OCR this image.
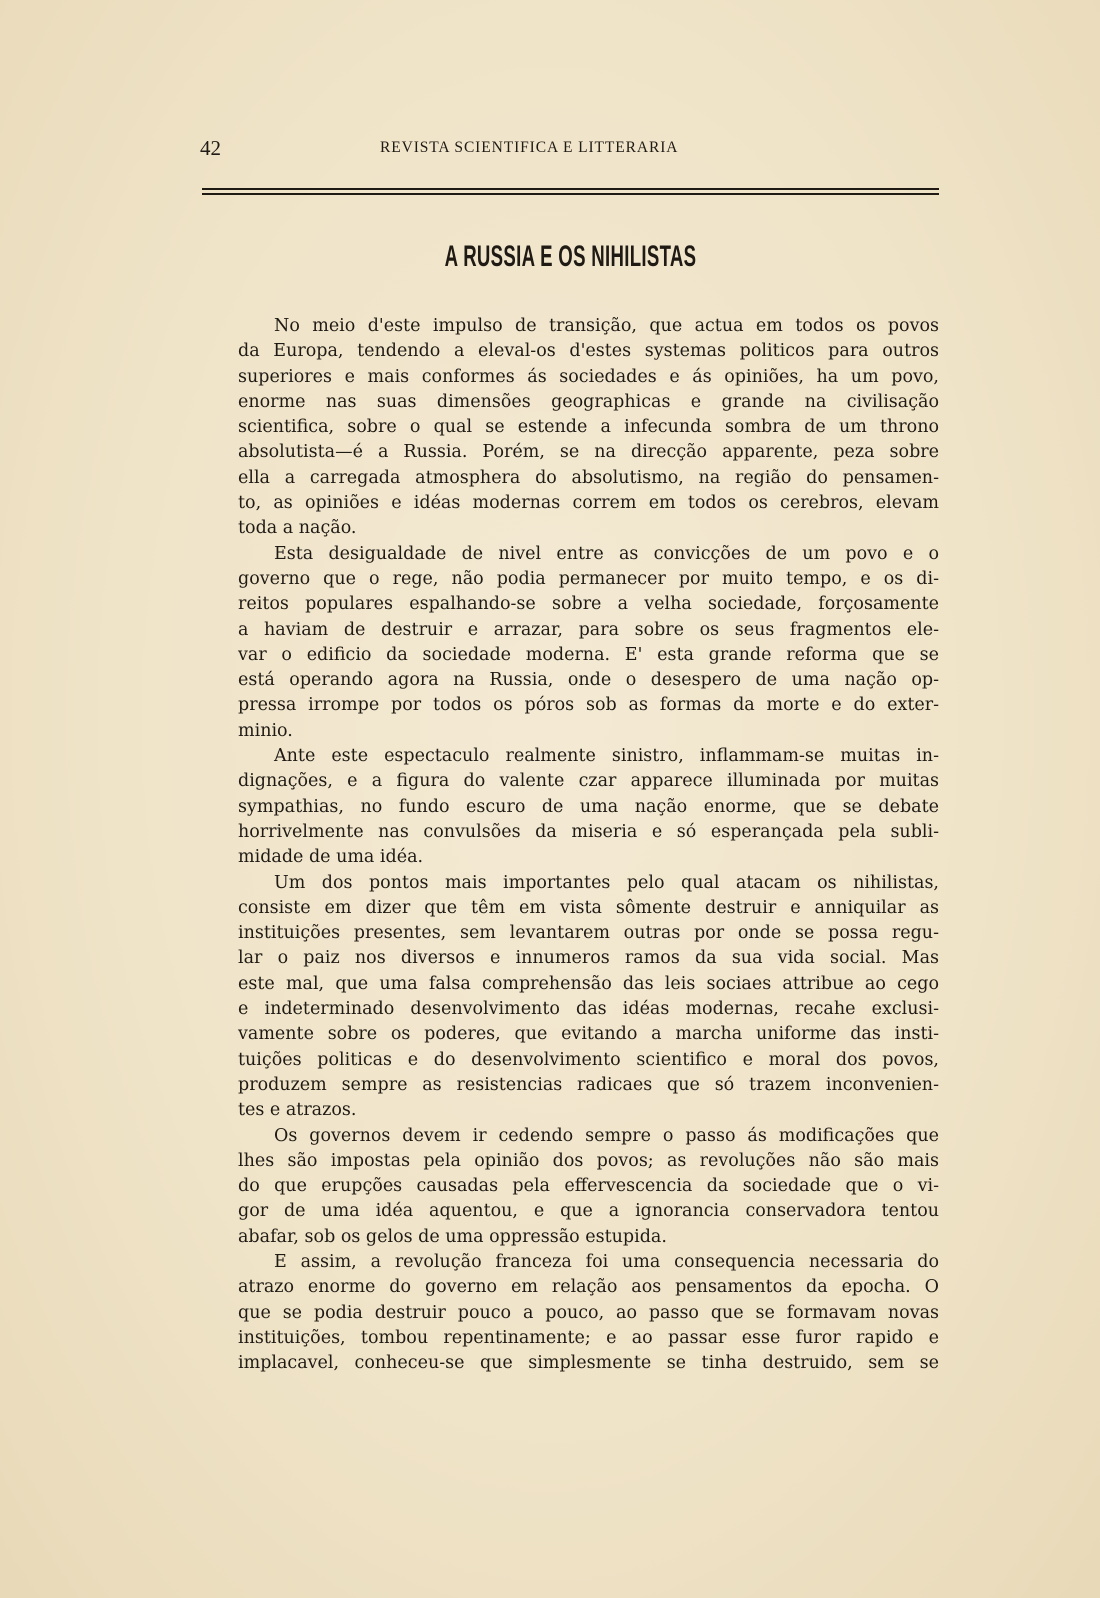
42	REVISTA SCIENTIFICA E LITTERARIA
A RUSSIA E OS NIHILISTAS
No meio d'este impulso de transição, que actua em todos os povos
da Europa, tendendo a eleval-os d'estes systemas politicos para outros
superiores e mais conformes ás sociedades e ás opiniões, ha um povo,
enorme nas suas dimensões geographicas e grande na civilisação
scientifica, sobre o qual se estende a infecunda sombra de um throno
absolutista—é a Russia. Porém, se na direcção apparente, peza sobre
ella a carregada atmosphera do absolutismo, na região do pensamen-
to, as opiniões e idéas modernas correm em todos os cerebros, elevam
toda a nação.
Esta desigualdade de nivel entre as convicções de um povo e o
governo que o rege, não podia permanecer por muito tempo, e os di-
reitos populares espalhando-se sobre a velha sociedade, forçosamente
a haviam de destruir e arrazar, para sobre os seus fragmentos ele-
var o edificio da sociedade moderna. E' esta grande reforma que se
está operando agora na Russia, onde o desespero de uma nação op-
pressa irrompe por todos os póros sob as formas da morte e do exter-
minio.
Ante este espectaculo realmente sinistro, inflammam-se muitas in-
dignações, e a figura do valente czar apparece illuminada por muitas
sympathias, no fundo escuro de uma nação enorme, que se debate
horrivelmente nas convulsões da miseria e só esperançada pela subli-
midade de uma idéa.
Um dos pontos mais importantes pelo qual atacam os nihilistas,
consiste em dizer que têm em vista sômente destruir e anniquilar as
instituições presentes, sem levantarem outras por onde se possa regu-
lar o paiz nos diversos e innumeros ramos da sua vida social. Mas
este mal, que uma falsa comprehensão das leis sociaes attribue ao cego
e indeterminado desenvolvimento das idéas modernas, recahe exclusi-
vamente sobre os poderes, que evitando a marcha uniforme das insti-
tuições politicas e do desenvolvimento scientifico e moral dos povos,
produzem sempre as resistencias radicaes que só trazem inconvenien-
tes e atrazos.
Os governos devem ir cedendo sempre o passo ás modificações que
lhes são impostas pela opinião dos povos; as revoluções não são mais
do que erupções causadas pela effervescencia da sociedade que o vi-
gor de uma idéa aquentou, e que a ignorancia conservadora tentou
abafar, sob os gelos de uma oppressão estupida.
E assim, a revolução franceza foi uma consequencia necessaria do
atrazo enorme do governo em relação aos pensamentos da epocha. O
que se podia destruir pouco a pouco, ao passo que se formavam novas
instituições, tombou repentinamente; e ao passar esse furor rapido e
implacavel, conheceu-se que simplesmente se tinha destruido, sem se
